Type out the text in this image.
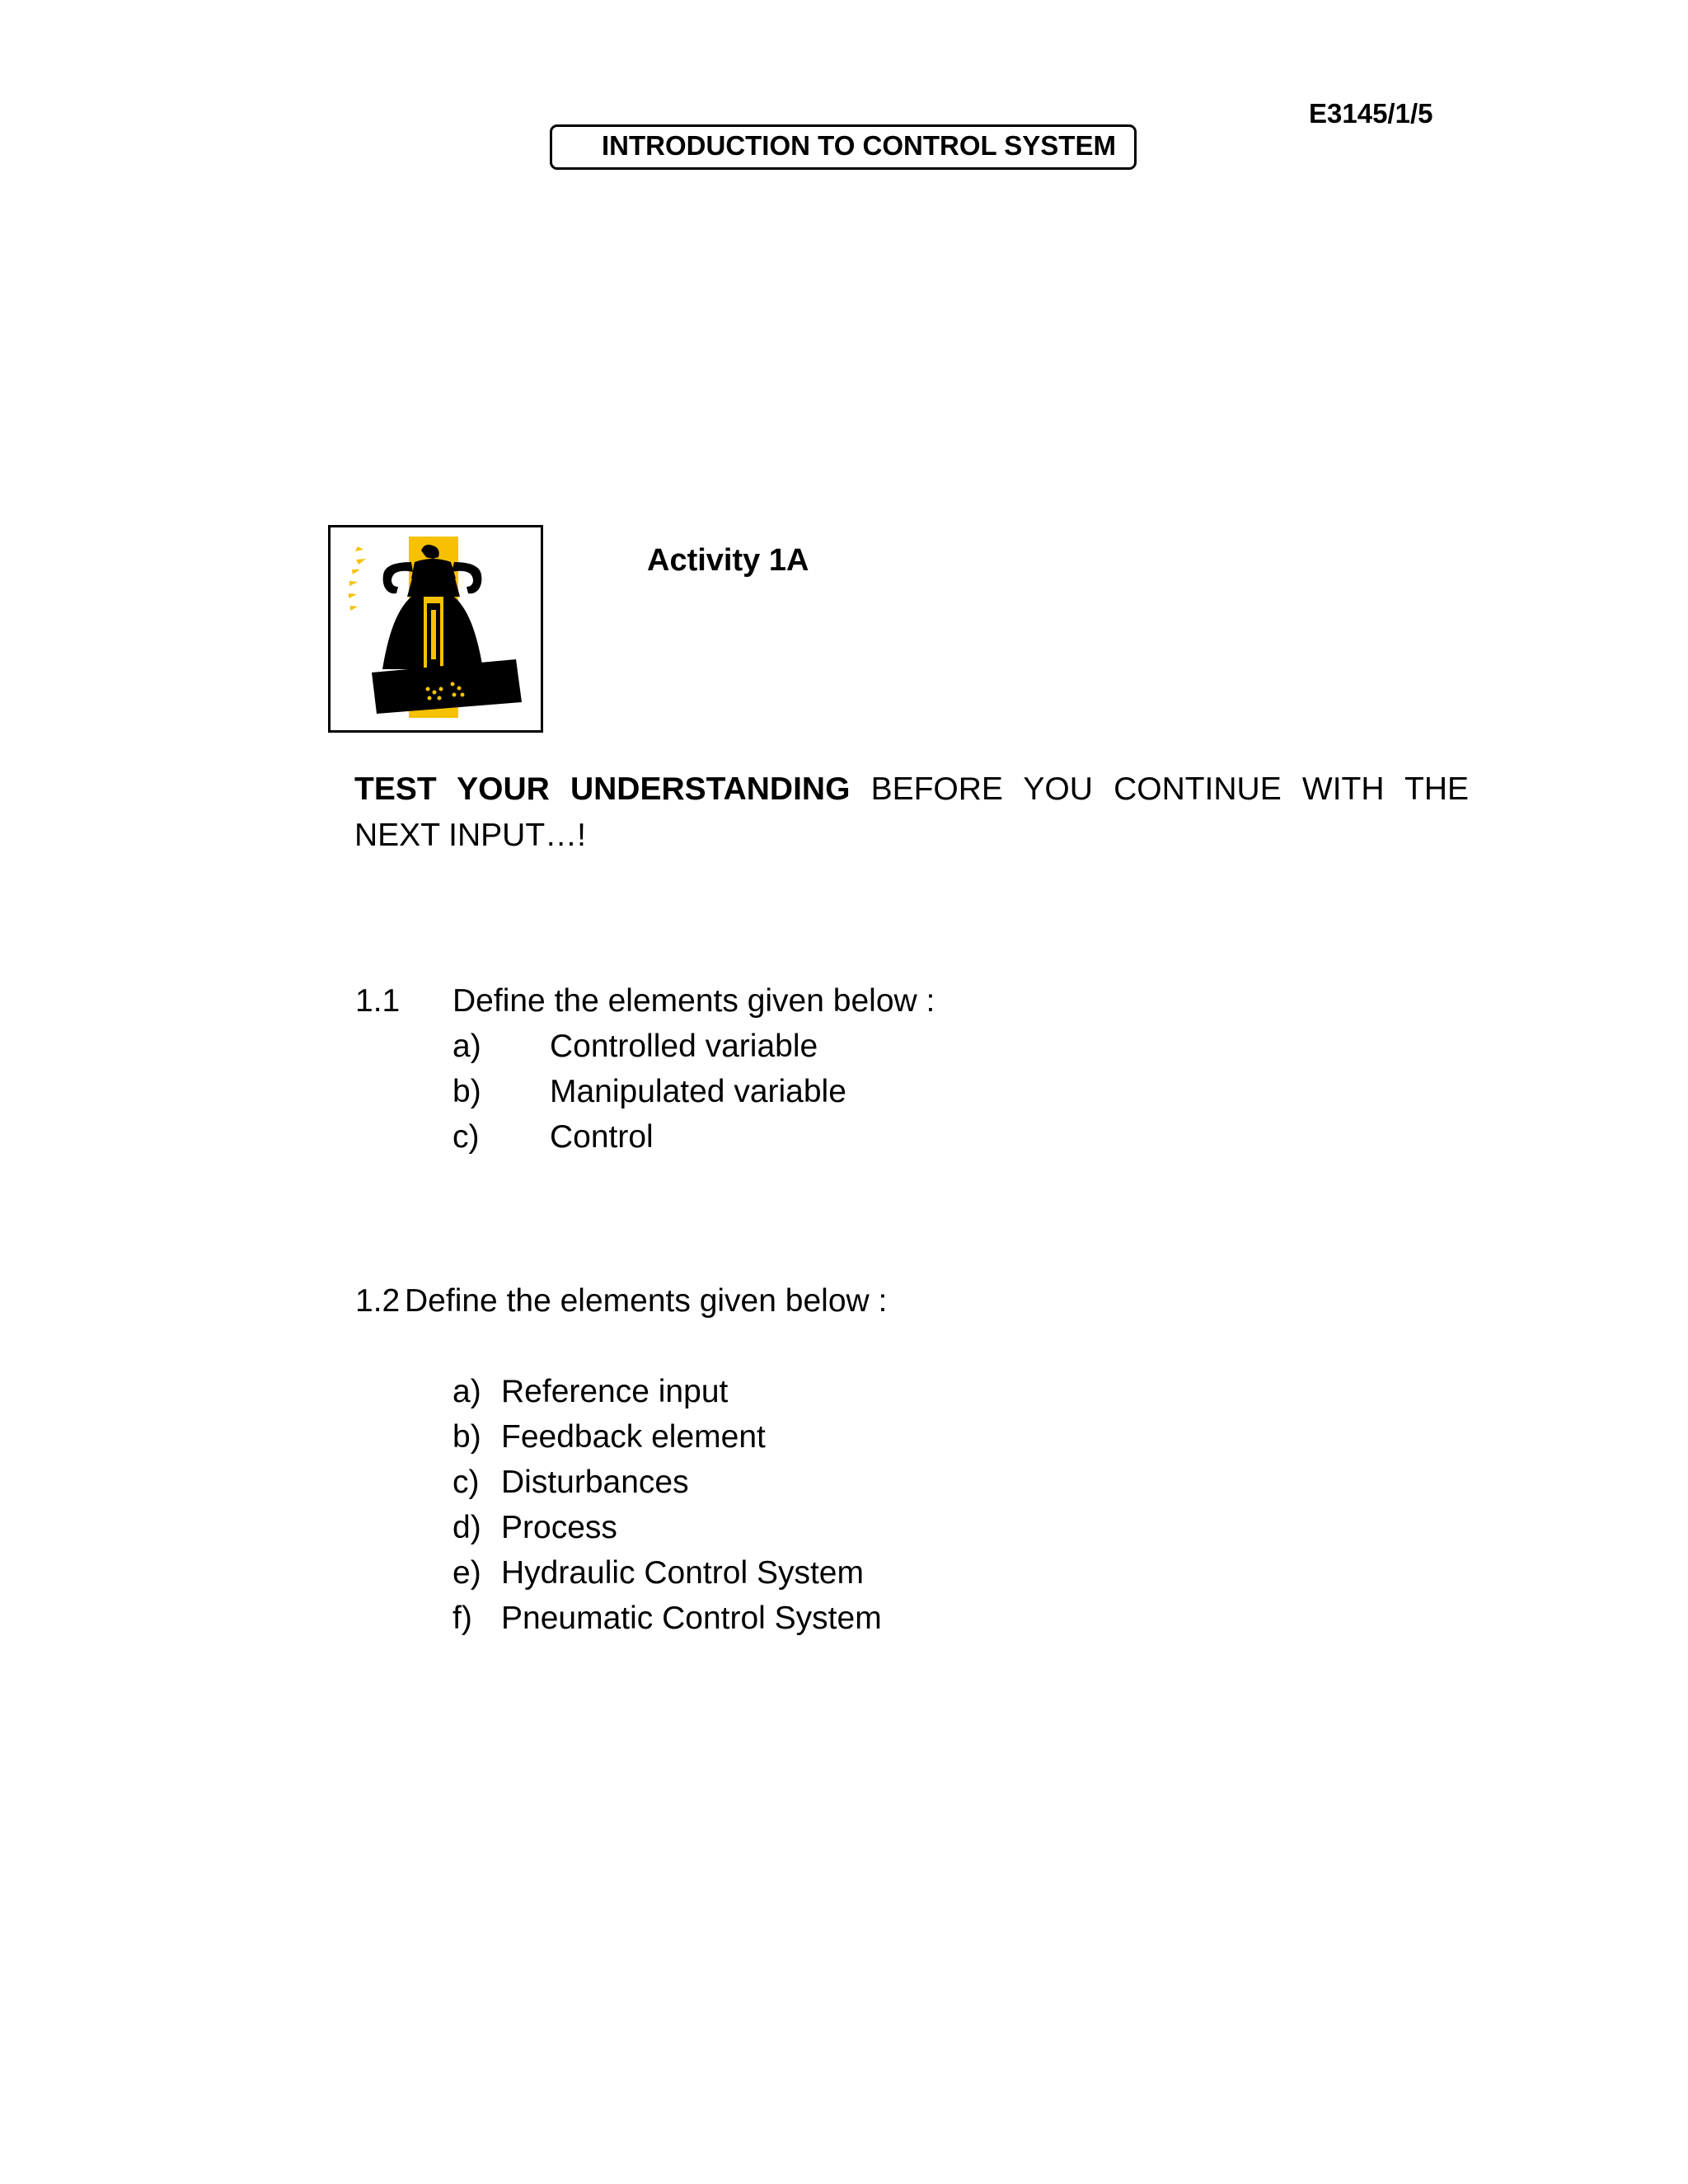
E3145/1/5
INTRODUCTION TO CONTROL SYSTEM
Activity 1A
TEST YOUR UNDERSTANDING BEFORE YOU CONTINUE WITH THE NEXT INPUT…!
1.1 Define the elements given below :
a) Controlled variable
b) Manipulated variable
c) Control
1.2 Define the elements given below :
a) Reference input
b) Feedback element
c) Disturbances
d) Process
e) Hydraulic Control System
f) Pneumatic Control System
